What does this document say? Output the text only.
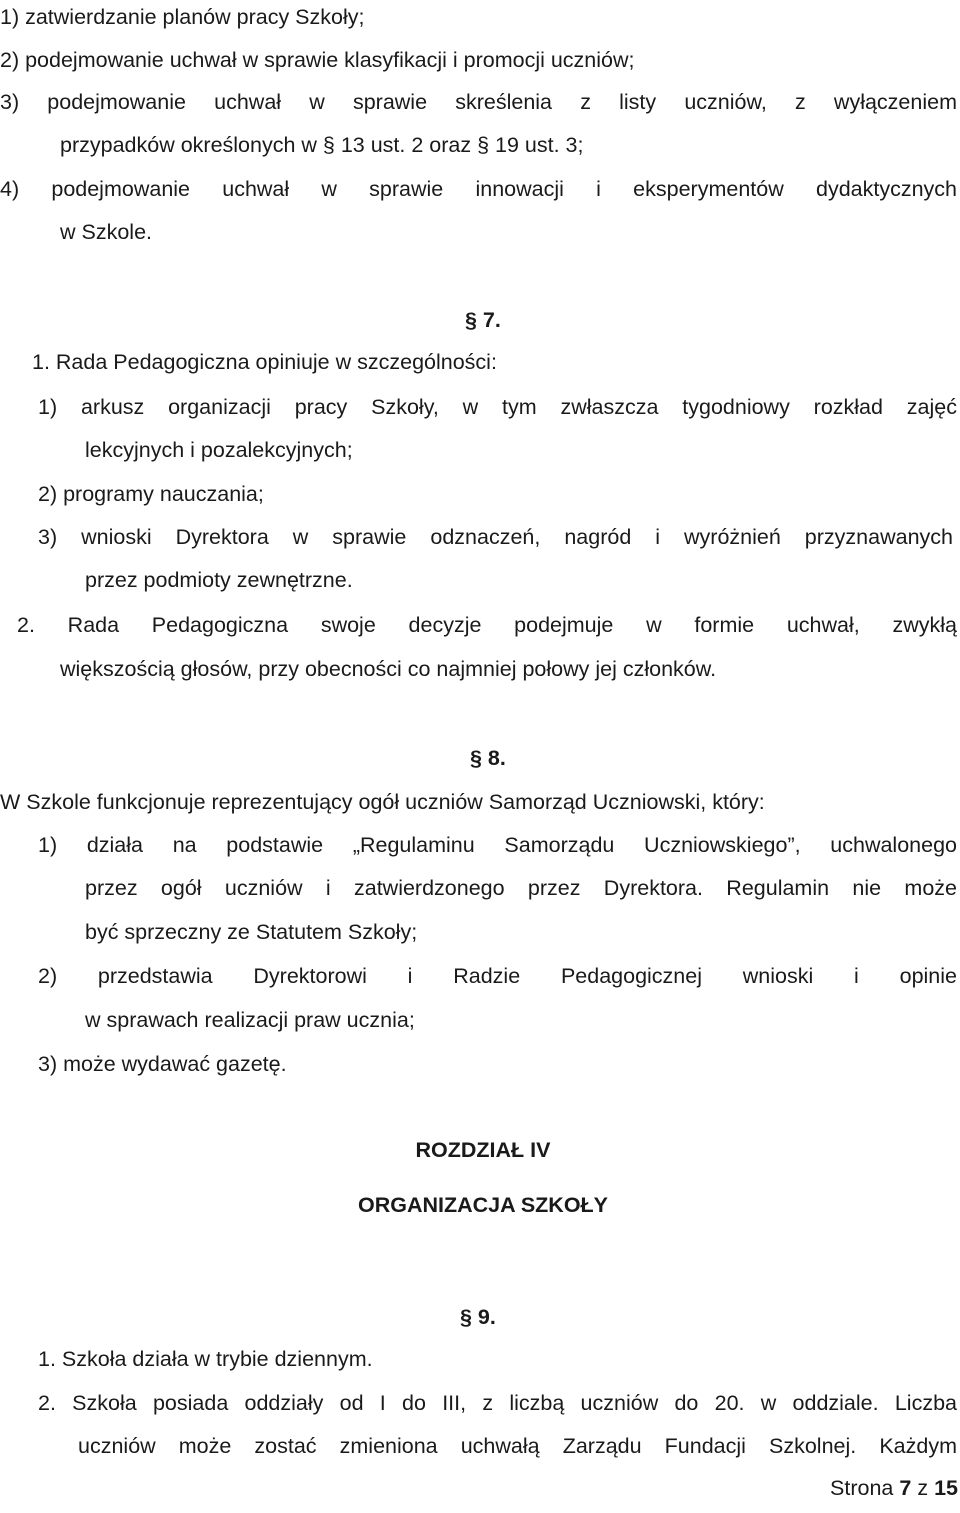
1) zatwierdzanie planów pracy Szkoły;
2) podejmowanie uchwał w sprawie klasyfikacji i promocji uczniów;
3) podejmowanie uchwał w sprawie skreślenia z listy uczniów, z wyłączeniem
przypadków określonych w § 13 ust. 2 oraz § 19 ust. 3;
4) podejmowanie uchwał w sprawie innowacji i eksperymentów dydaktycznych
w Szkole.
§ 7.
1. Rada Pedagogiczna opiniuje w szczególności:
1) arkusz organizacji pracy Szkoły, w tym zwłaszcza tygodniowy rozkład zajęć
lekcyjnych i pozalekcyjnych;
2) programy nauczania;
3) wnioski Dyrektora w sprawie odznaczeń, nagród i wyróżnień przyznawanych
przez podmioty zewnętrzne.
2. Rada Pedagogiczna swoje decyzje podejmuje w formie uchwał, zwykłą
większością głosów, przy obecności co najmniej połowy jej członków.
§ 8.
W Szkole funkcjonuje reprezentujący ogół uczniów Samorząd Uczniowski, który:
1) działa na podstawie „Regulaminu Samorządu Uczniowskiego”, uchwalonego
przez ogół uczniów i zatwierdzonego przez Dyrektora. Regulamin nie może
być sprzeczny ze Statutem Szkoły;
2) przedstawia Dyrektorowi i Radzie Pedagogicznej wnioski i opinie
w sprawach realizacji praw ucznia;
3) może wydawać gazetę.
ROZDZIAŁ IV
ORGANIZACJA SZKOŁY
§ 9.
1. Szkoła działa w trybie dziennym.
2. Szkoła posiada oddziały od I do III, z liczbą uczniów do 20. w oddziale. Liczba
uczniów może zostać zmieniona uchwałą Zarządu Fundacji Szkolnej. Każdym
Strona 7 z 15
